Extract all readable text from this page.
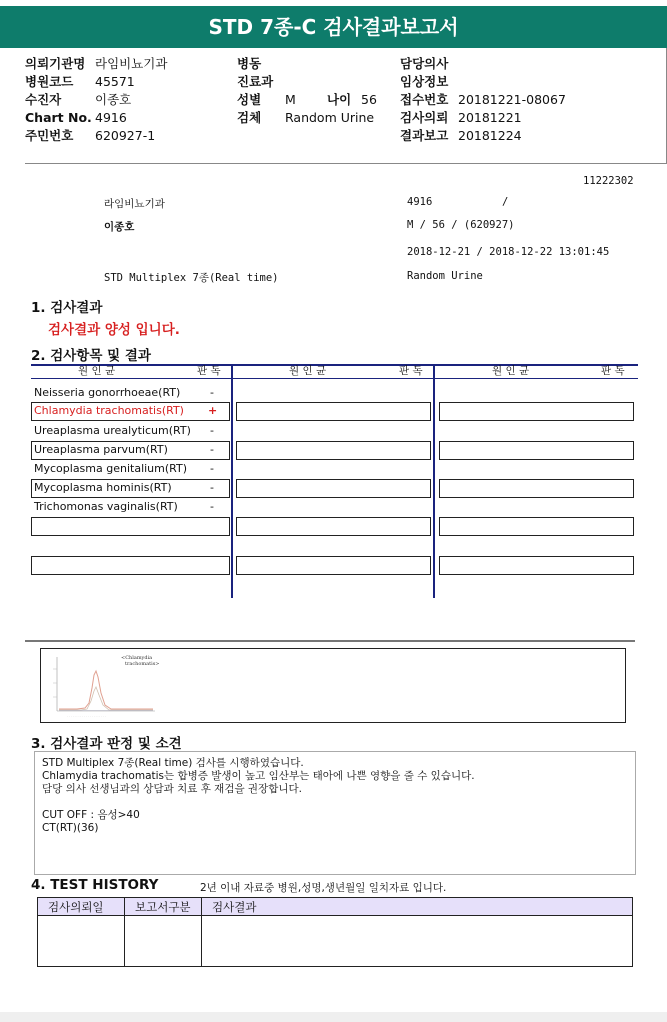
STD 7종-C 검사결과보고서
의뢰기관명 라임비뇨기과
병원코드 45571
수진자	이종호
Chart No. 4916
주민번호 620927-1
병동
진료과
성별 M 나이 56
검체 Random Urine
담당의사
임상정보
접수번호 20181221-08067
검사의뢰 20181221
결과보고 20181224
11222302
라임비뇨기과	4916	/
이종호	M / 56 / (620927)
2018-12-21 / 2018-12-22 13:01:45
STD Multiplex 7종(Real time)	Random Urine
1. 검사결과
검사결과 양성 입니다.
2. 검사항목 및 결과
원 인 균	판 독	원 인 균	판 독	원 인 균	판 독
Neisseria gonorrhoeae(RT)	-
Chlamydia trachomatis(RT) +
Ureaplasma urealyticum(RT) -
Ureaplasma parvum(RT)	-
Mycoplasma genitalium(RT) -
Mycoplasma hominis(RT)	-
Trichomonas vaginalis(RT)	-
· · · · · · · · · · · · · · · · · · · · ·
<Chlamydia
trachomatis>
3. 검사결과 판정 및 소견
STD Multiplex 7종(Real time) 검사를 시행하였습니다.
Chlamydia trachomatis는 합병증 발생이 높고 임산부는 태아에 나쁜 영향을 줄 수 있습니다.
담당 의사 선생님과의 상담과 치료 후 재검을 권장합니다.
CUT OFF : 음성>40
CT(RT)(36)
4. TEST HISTORY	2년 이내 자료중 병원,성명,생년월일 일치자료 입니다.
검사의뢰일	보고서구분	검사결과
